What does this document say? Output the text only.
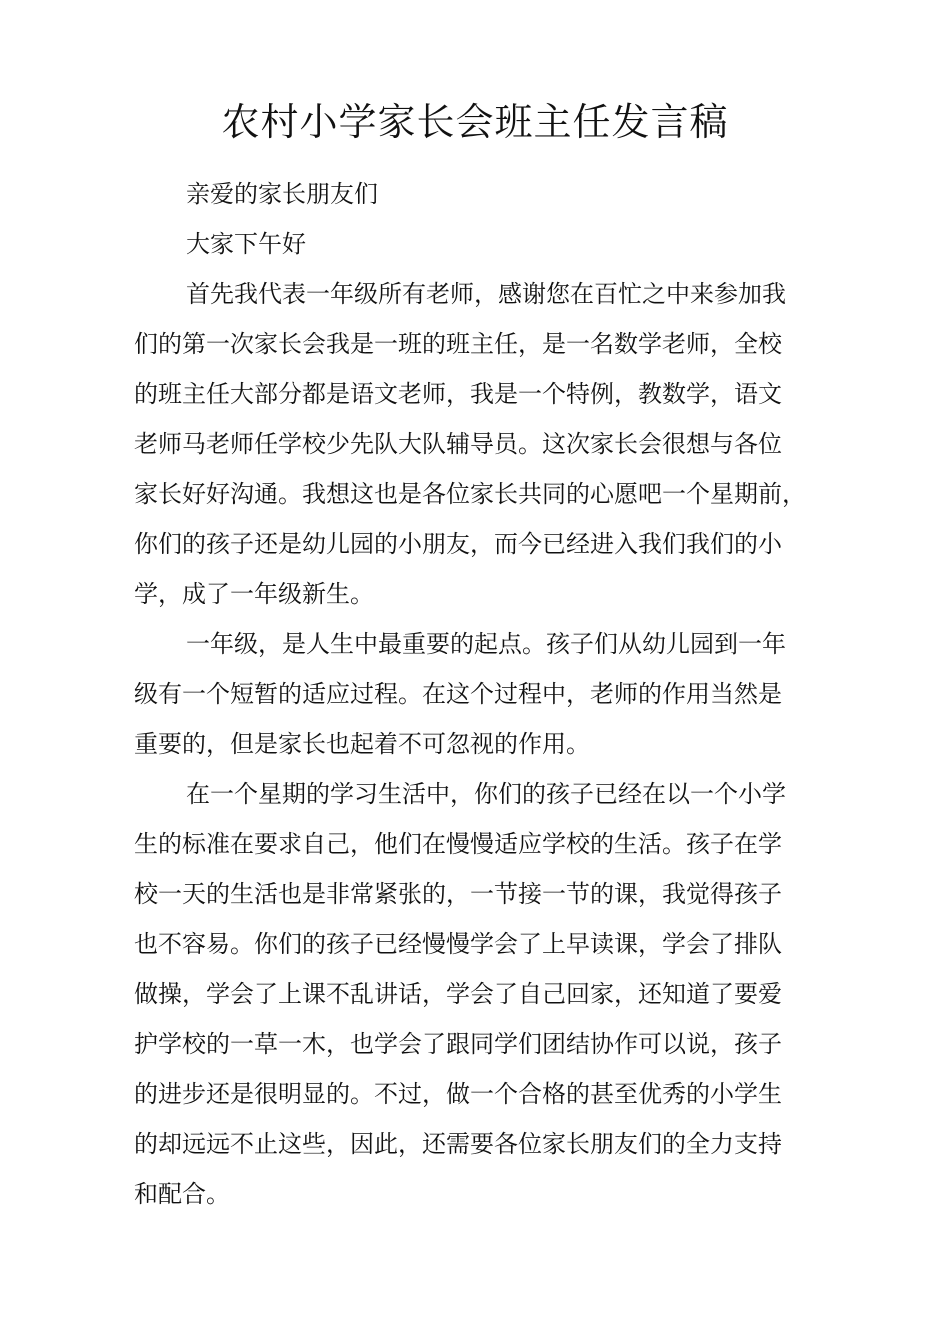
农村小学家长会班主任发言稿

亲爱的家长朋友们

大家下午好

首先我代表一年级所有老师，感谢您在百忙之中来参加我

们的第一次家长会我是一班的班主任，是一名数学老师，全校

的班主任大部分都是语文老师，我是一个特例，教数学，语文

老师马老师任学校少先队大队辅导员。这次家长会很想与各位

家长好好沟通。我想这也是各位家长共同的心愿吧一个星期前，

你们的孩子还是幼儿园的小朋友，而今已经进入我们我们的小

学，成了一年级新生。

一年级，是人生中最重要的起点。孩子们从幼儿园到一年

级有一个短暂的适应过程。在这个过程中，老师的作用当然是

重要的，但是家长也起着不可忽视的作用。

在一个星期的学习生活中，你们的孩子已经在以一个小学

生的标准在要求自己，他们在慢慢适应学校的生活。孩子在学

校一天的生活也是非常紧张的，一节接一节的课，我觉得孩子

也不容易。你们的孩子已经慢慢学会了上早读课，学会了排队

做操，学会了上课不乱讲话，学会了自己回家，还知道了要爱

护学校的一草一木，也学会了跟同学们团结协作可以说，孩子

的进步还是很明显的。不过，做一个合格的甚至优秀的小学生

的却远远不止这些，因此，还需要各位家长朋友们的全力支持

和配合。
